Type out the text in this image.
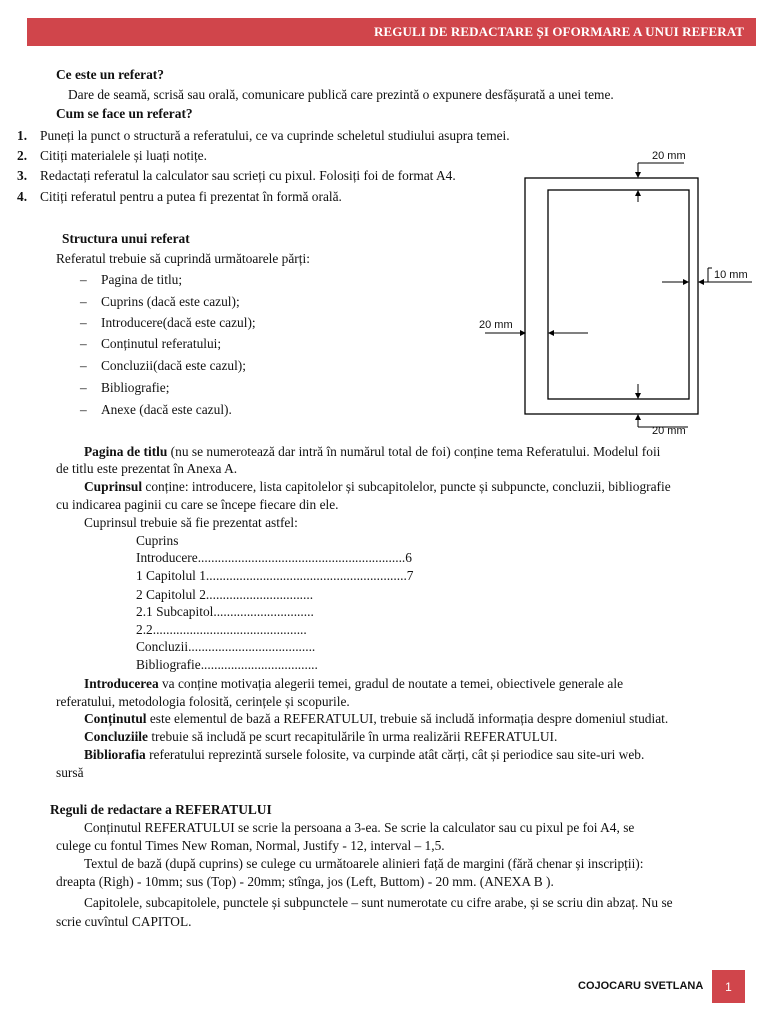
REGULI DE REDACTARE ȘI OFORMARE A UNUI REFERAT
Ce este un referat?
Dare de seamă, scrisă sau orală, comunicare publică care prezintă o expunere desfășurată a unei teme.
Cum se face un referat?
1. Puneți la punct o structură a referatului, ce va cuprinde scheletul studiului asupra temei.
2. Citiți materialele și luați notițe.
3. Redactați referatul la calculator sau scrieți cu pixul. Folosiți foi de format A4.
4. Citiți referatul pentru a putea fi prezentat în formă orală.
Structura unui referat
Referatul trebuie să cuprindă următoarele părți:
– Pagina de titlu;
– Cuprins (dacă este cazul);
– Introducere(dacă este cazul);
– Conținutul referatului;
– Concluzii(dacă este cazul);
– Bibliografie;
– Anexe (dacă este cazul).
20 mm
10 mm
20 mm
20 mm
Pagina de titlu (nu se numerotează dar intră în numărul total de foi) conține tema Referatului. Modelul foii
de titlu este prezentat în Anexa A.
Cuprinsul conține: introducere, lista capitolelor și subcapitolelor, puncte și subpuncte, concluzii, bibliografie
cu indicarea paginii cu care se începe fiecare din ele.
Cuprinsul trebuie să fie prezentat astfel:
Cuprins
Introducere..............................................................6
1 Capitolul 1............................................................7
2 Capitolul 2................................
2.1 Subcapitol..............................
2.2..............................................
Concluzii......................................
Bibliografie...................................
Introducerea va conține motivația alegerii temei, gradul de noutate a temei, obiectivele generale ale
referatului, metodologia folosită, cerințele și scopurile.
Conținutul este elementul de bază a REFERATULUI, trebuie să includă informația despre domeniul studiat.
Concluziile trebuie să includă pe scurt recapitulările în urma realizării REFERATULUI.
Bibliorafia referatului reprezintă sursele folosite, va curpinde atât cărți, cât și periodice sau site-uri web.
sursă
Reguli de redactare a REFERATULUI
Conținutul REFERATULUI se scrie la persoana a 3-ea. Se scrie la calculator sau cu pixul pe foi A4, se
culege cu fontul Times New Roman, Normal, Justify - 12, interval – 1,5.
Textul de bază (după cuprins) se culege cu următoarele alinieri față de margini (fără chenar și inscripții):
dreapta (Righ) - 10mm; sus (Top) - 20mm; stînga, jos (Left, Buttom) - 20 mm. (ANEXA B ).
Capitolele, subcapitolele, punctele și subpunctele – sunt numerotate cu cifre arabe, și se scriu din abzaț. Nu se
scrie cuvîntul CAPITOL.
COJOCARU SVETLANA 1
